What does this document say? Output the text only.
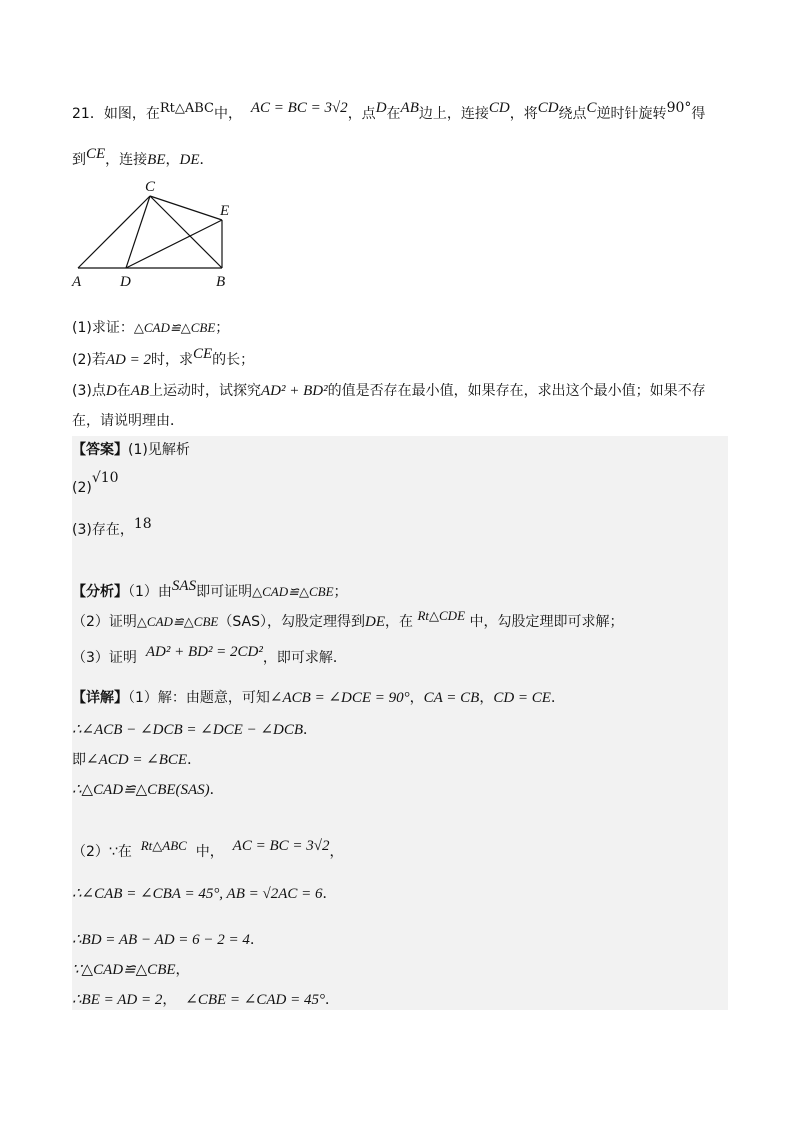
21．如图，在Rt△ABC中， AC = BC = 3√2，点D在AB边上，连接CD，将CD绕点C逆时针旋转90°得
到CE，连接BE，DE．
C
E
A	D	B
(1)求证：△CAD≌△CBE；
(2)若AD = 2时，求CE的长；
(3)点D在AB上运动时，试探究AD² + BD²的值是否存在最小值，如果存在，求出这个最小值；如果不存
在，请说明理由．
【答案】(1)见解析
(2)√10
(3)存在，18
【分析】（1）由SAS即可证明△CAD≌△CBE；
（2）证明△CAD≌△CBE（SAS），勾股定理得到DE，在 Rt△CDE 中，勾股定理即可求解；
（3）证明 AD² + BD² = 2CD²，即可求解．
【详解】（1）解：由题意，可知∠ACB = ∠DCE = 90°，CA = CB，CD = CE．
∴∠ACB − ∠DCB = ∠DCE − ∠DCB．
即∠ACD = ∠BCE．
∴△CAD≌△CBE(SAS)．
（2）∵在 Rt△ABC 中， AC = BC = 3√2，
∴∠CAB = ∠CBA = 45°, AB = √2AC = 6．
∴BD = AB − AD = 6 − 2 = 4．
∵△CAD≌△CBE，
∴BE = AD = 2， ∠CBE = ∠CAD = 45°．
